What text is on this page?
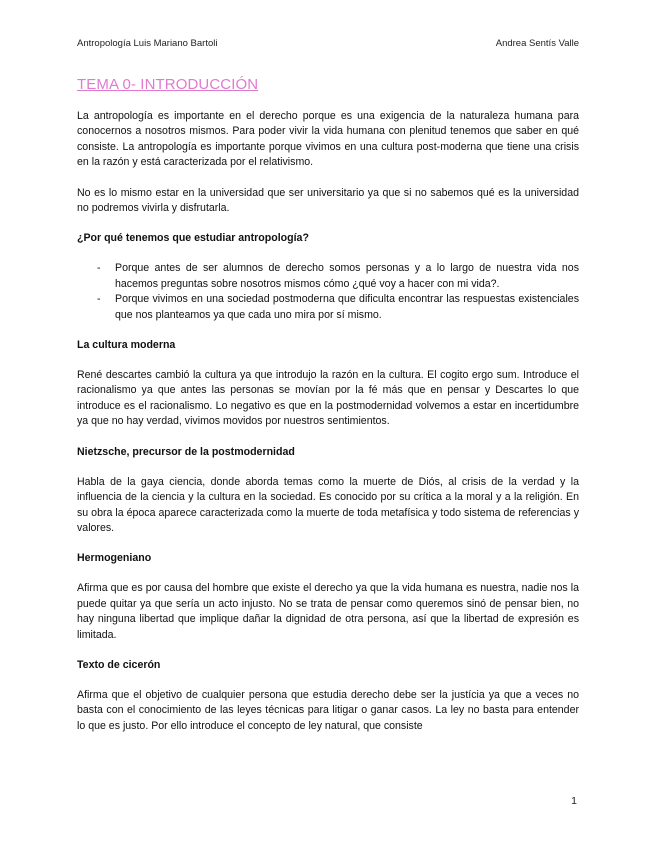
Antropología Luis Mariano Bartoli	Andrea Sentís Valle
TEMA 0- INTRODUCCIÓN

La antropología es importante en el derecho porque es una exigencia de la naturaleza humana para conocernos a nosotros mismos. Para poder vivir la vida humana con plenitud tenemos que saber en qué consiste. La antropología es importante porque vivimos en una cultura post-moderna que tiene una crisis en la razón y está caracterizada por el relativismo.

No es lo mismo estar en la universidad que ser universitario ya que si no sabemos qué es la universidad no podremos vivirla y disfrutarla.

¿Por qué tenemos que estudiar antropología?
- Porque antes de ser alumnos de derecho somos personas y a lo largo de nuestra vida nos hacemos preguntas sobre nosotros mismos cómo ¿qué voy a hacer con mi vida?.
- Porque vivimos en una sociedad postmoderna que dificulta encontrar las respuestas existenciales que nos planteamos ya que cada uno mira por sí mismo.
La cultura moderna

René descartes cambió la cultura ya que introdujo la razón en la cultura. El cogito ergo sum. Introduce el racionalismo ya que antes las personas se movían por la fé más que en pensar y Descartes lo que introduce es el racionalismo. Lo negativo es que en la postmodernidad volvemos a estar en incertidumbre ya que no hay verdad, vivimos movidos por nuestros sentimientos.

Nietzsche, precursor de la postmodernidad

Habla de la gaya ciencia, donde aborda temas como la muerte de Diós, al crisis de la verdad y la influencia de la ciencia y la cultura en la sociedad. Es conocido por su crítica a la moral y a la religión. En su obra la época aparece caracterizada como la muerte de toda metafísica y todo sistema de referencias y valores.

Hermogeniano

Afirma que es por causa del hombre que existe el derecho ya que la vida humana es nuestra, nadie nos la puede quitar ya que sería un acto injusto. No se trata de pensar como queremos sinó de pensar bien, no hay ninguna libertad que implique dañar la dignidad de otra persona, así que la libertad de expresión es limitada.

Texto de cicerón

Afirma que el objetivo de cualquier persona que estudia derecho debe ser la justícia ya que a veces no basta con el conocimiento de las leyes técnicas para litigar o ganar casos. La ley no basta para entender lo que es justo. Por ello introduce el concepto de ley natural, que consiste

1
